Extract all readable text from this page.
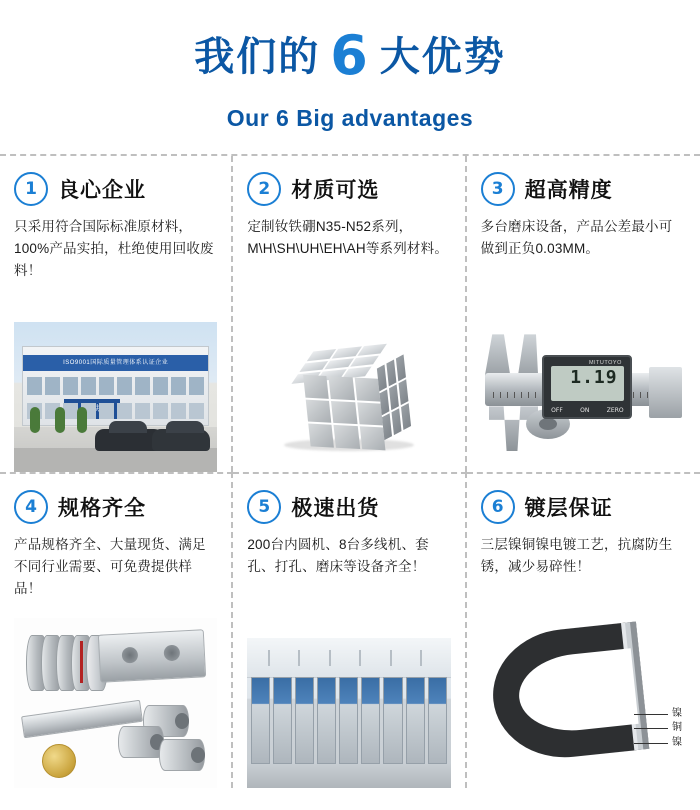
我们的 6 大优势
Our 6 Big advantages
1	良心企业
只采用符合国际标准原材料，100%产品实拍，杜绝使用回收废料！
ISO9001国际质量管理体系认证企业
2	材质可选
定制钕铁硼N35-N52系列，M\H\SH\UH\EH\AH等系列材料。
3	超高精度
多台磨床设备，产品公差最小可做到正负0.03MM。
MITUTOYO
1.19
OFF	ON	ZERO
4	规格齐全
产品规格齐全、大量现货、满足不同行业需要、可免费提供样品！
5	极速出货
200台内圆机、8台多线机、套孔、打孔、磨床等设备齐全！
6	镀层保证
三层镍铜镍电镀工艺，抗腐防生锈，减少易碎性！
镍
铜
镍
